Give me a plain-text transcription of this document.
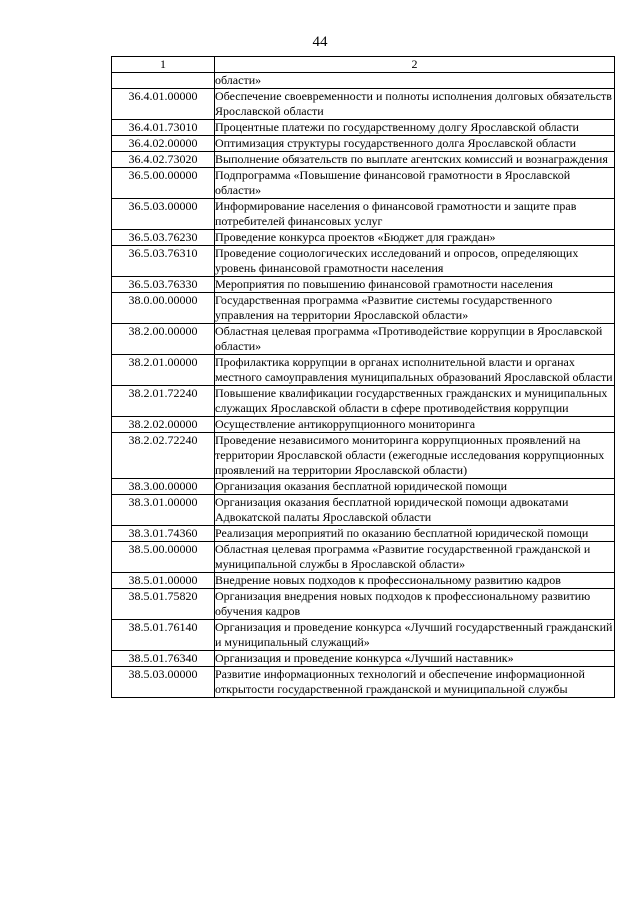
44
1	2
	области»
36.4.01.00000	Обеспечение своевременности и полноты исполнения долговых обязательств Ярославской области
36.4.01.73010	Процентные платежи по государственному долгу Ярославской области
36.4.02.00000	Оптимизация структуры государственного долга Ярославской области
36.4.02.73020	Выполнение обязательств по выплате агентских комиссий и вознаграждения
36.5.00.00000	Подпрограмма «Повышение финансовой грамотности в Ярославской области»
36.5.03.00000	Информирование населения о финансовой грамотности и защите прав потребителей финансовых услуг
36.5.03.76230	Проведение конкурса проектов «Бюджет для граждан»
36.5.03.76310	Проведение социологических исследований и опросов, определяющих уровень финансовой грамотности населения
36.5.03.76330	Мероприятия по повышению финансовой грамотности населения
38.0.00.00000	Государственная программа «Развитие системы государственного управления на территории Ярославской области»
38.2.00.00000	Областная целевая программа «Противодействие коррупции в Ярославской области»
38.2.01.00000	Профилактика коррупции в органах исполнительной власти и органах местного самоуправления муниципальных образований Ярославской области
38.2.01.72240	Повышение квалификации государственных гражданских и муниципальных служащих Ярославской области в сфере противодействия коррупции
38.2.02.00000	Осуществление антикоррупционного мониторинга
38.2.02.72240	Проведение независимого мониторинга коррупционных проявлений на территории Ярославской области (ежегодные исследования коррупционных проявлений на территории Ярославской области)
38.3.00.00000	Организация оказания бесплатной юридической помощи
38.3.01.00000	Организация оказания бесплатной юридической помощи адвокатами Адвокатской палаты Ярославской области
38.3.01.74360	Реализация мероприятий по оказанию бесплатной юридической помощи
38.5.00.00000	Областная целевая программа «Развитие государственной гражданской и муниципальной службы в Ярославской области»
38.5.01.00000	Внедрение новых подходов к профессиональному развитию кадров
38.5.01.75820	Организация внедрения новых подходов к профессиональному развитию обучения кадров
38.5.01.76140	Организация и проведение конкурса «Лучший государственный гражданский и муниципальный служащий»
38.5.01.76340	Организация и проведение конкурса «Лучший наставник»
38.5.03.00000	Развитие информационных технологий и обеспечение информационной открытости государственной гражданской и муниципальной службы
